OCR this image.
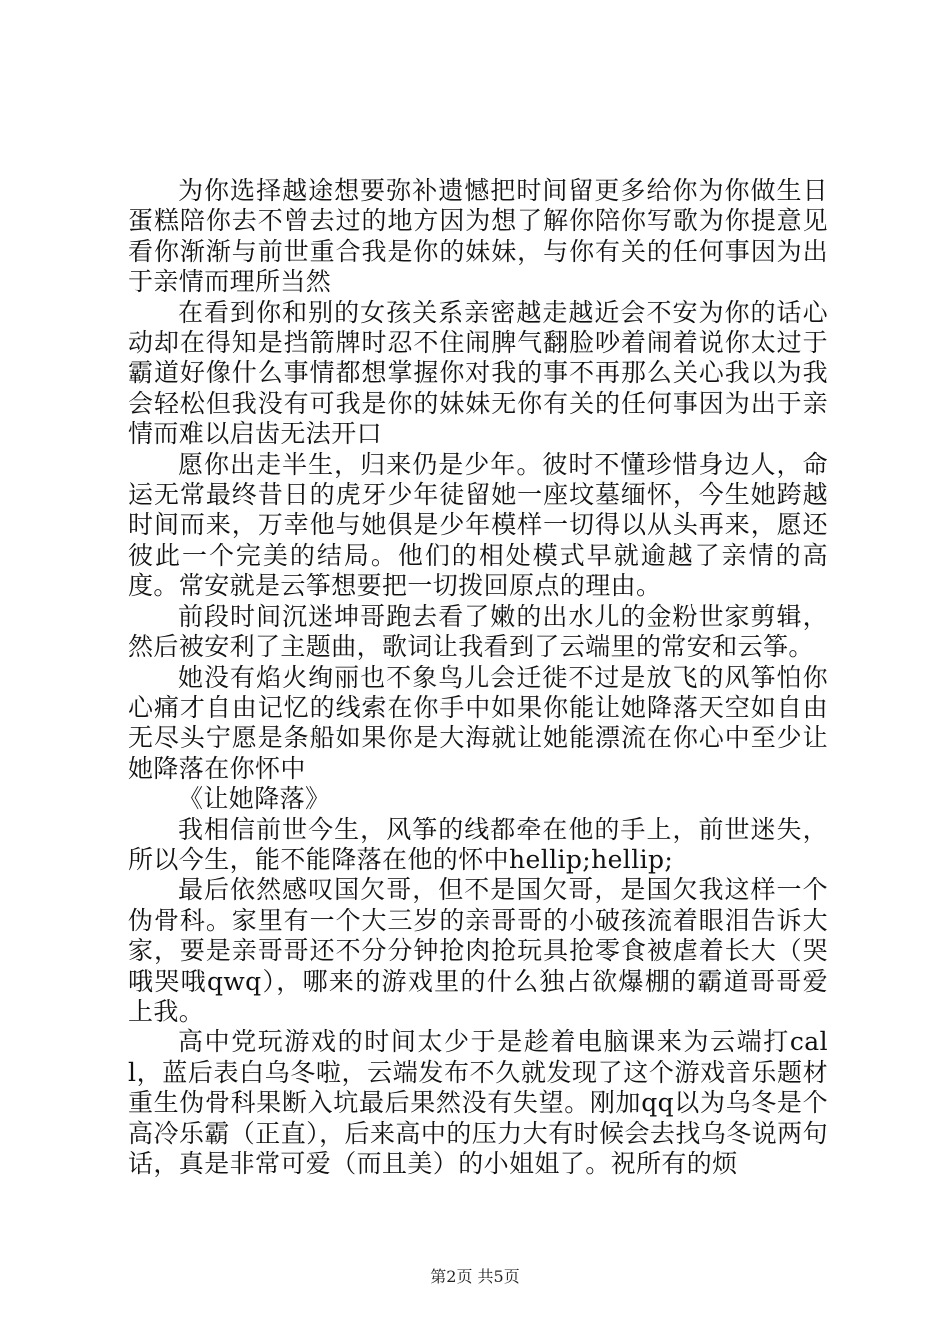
为你选择越途想要弥补遗憾把时间留更多给你为你做生日蛋糕陪你去不曾去过的地方因为想了解你陪你写歌为你提意见看你渐渐与前世重合我是你的妹妹，与你有关的任何事因为出于亲情而理所当然

在看到你和别的女孩关系亲密越走越近会不安为你的话心动却在得知是挡箭牌时忍不住闹脾气翻脸吵着闹着说你太过于霸道好像什么事情都想掌握你对我的事不再那么关心我以为我会轻松但我没有可我是你的妹妹无你有关的任何事因为出于亲情而难以启齿无法开口

愿你出走半生，归来仍是少年。彼时不懂珍惜身边人，命运无常最终昔日的虎牙少年徒留她一座坟墓缅怀，今生她跨越时间而来，万幸他与她俱是少年模样一切得以从头再来，愿还彼此一个完美的结局。他们的相处模式早就逾越了亲情的高度。常安就是云筝想要把一切拨回原点的理由。

前段时间沉迷坤哥跑去看了嫩的出水儿的金粉世家剪辑，然后被安利了主题曲，歌词让我看到了云端里的常安和云筝。

她没有焰火绚丽也不象鸟儿会迁徙不过是放飞的风筝怕你心痛才自由记忆的线索在你手中如果你能让她降落天空如自由无尽头宁愿是条船如果你是大海就让她能漂流在你心中至少让她降落在你怀中

《让她降落》

我相信前世今生，风筝的线都牵在他的手上，前世迷失，所以今生，能不能降落在他的怀中hellip;hellip;

最后依然感叹国欠哥，但不是国欠哥，是国欠我这样一个伪骨科。家里有一个大三岁的亲哥哥的小破孩流着眼泪告诉大家，要是亲哥哥还不分分钟抢肉抢玩具抢零食被虐着长大（哭哦哭哦qwq），哪来的游戏里的什么独占欲爆棚的霸道哥哥爱上我。

高中党玩游戏的时间太少于是趁着电脑课来为云端打call，蓝后表白乌冬啦，云端发布不久就发现了这个游戏音乐题材重生伪骨科果断入坑最后果然没有失望。刚加qq以为乌冬是个高冷乐霸（正直），后来高中的压力大有时候会去找乌冬说两句话，真是非常可爱（而且美）的小姐姐了。祝所有的烦

第2页 共5页
